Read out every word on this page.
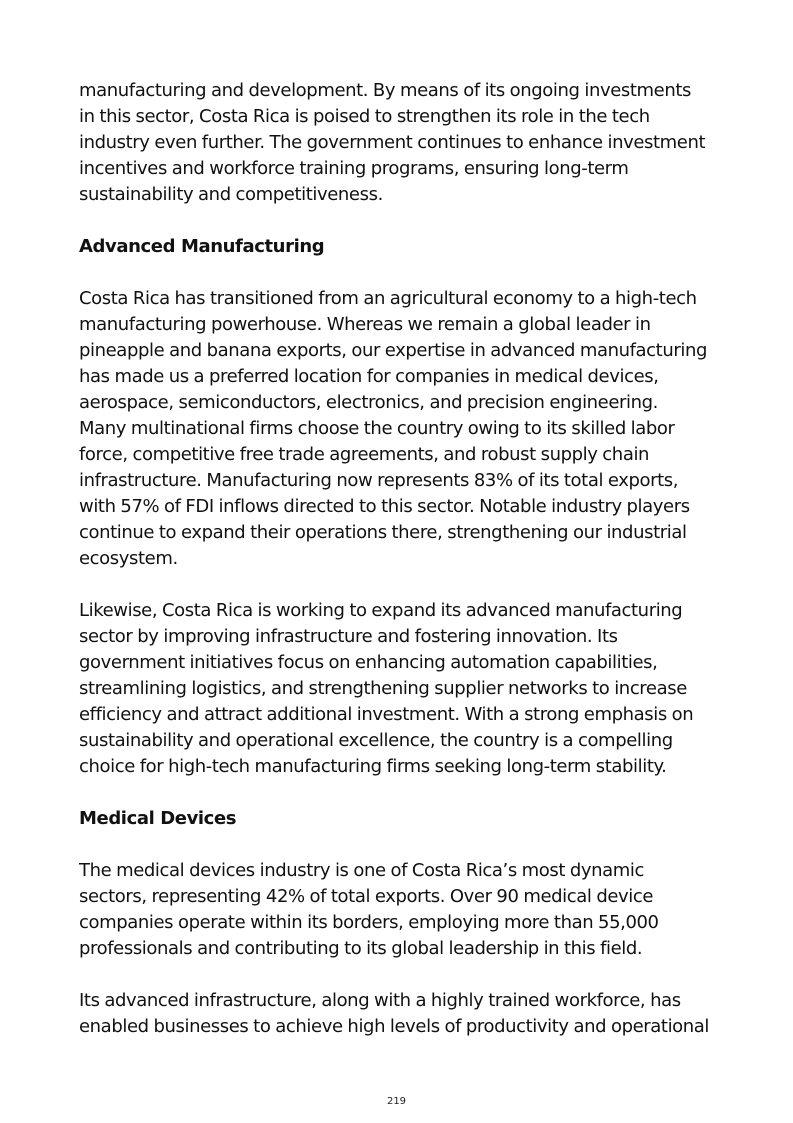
manufacturing and development. By means of its ongoing investments
in this sector, Costa Rica is poised to strengthen its role in the tech
industry even further. The government continues to enhance investment
incentives and workforce training programs, ensuring long-term
sustainability and competitiveness.

Advanced Manufacturing

Costa Rica has transitioned from an agricultural economy to a high-tech
manufacturing powerhouse. Whereas we remain a global leader in
pineapple and banana exports, our expertise in advanced manufacturing
has made us a preferred location for companies in medical devices,
aerospace, semiconductors, electronics, and precision engineering.
Many multinational firms choose the country owing to its skilled labor
force, competitive free trade agreements, and robust supply chain
infrastructure. Manufacturing now represents 83% of its total exports,
with 57% of FDI inflows directed to this sector. Notable industry players
continue to expand their operations there, strengthening our industrial
ecosystem.

Likewise, Costa Rica is working to expand its advanced manufacturing
sector by improving infrastructure and fostering innovation. Its
government initiatives focus on enhancing automation capabilities,
streamlining logistics, and strengthening supplier networks to increase
efficiency and attract additional investment. With a strong emphasis on
sustainability and operational excellence, the country is a compelling
choice for high-tech manufacturing firms seeking long-term stability.

Medical Devices

The medical devices industry is one of Costa Rica’s most dynamic
sectors, representing 42% of total exports. Over 90 medical device
companies operate within its borders, employing more than 55,000
professionals and contributing to its global leadership in this field.

Its advanced infrastructure, along with a highly trained workforce, has
enabled businesses to achieve high levels of productivity and operational

219
